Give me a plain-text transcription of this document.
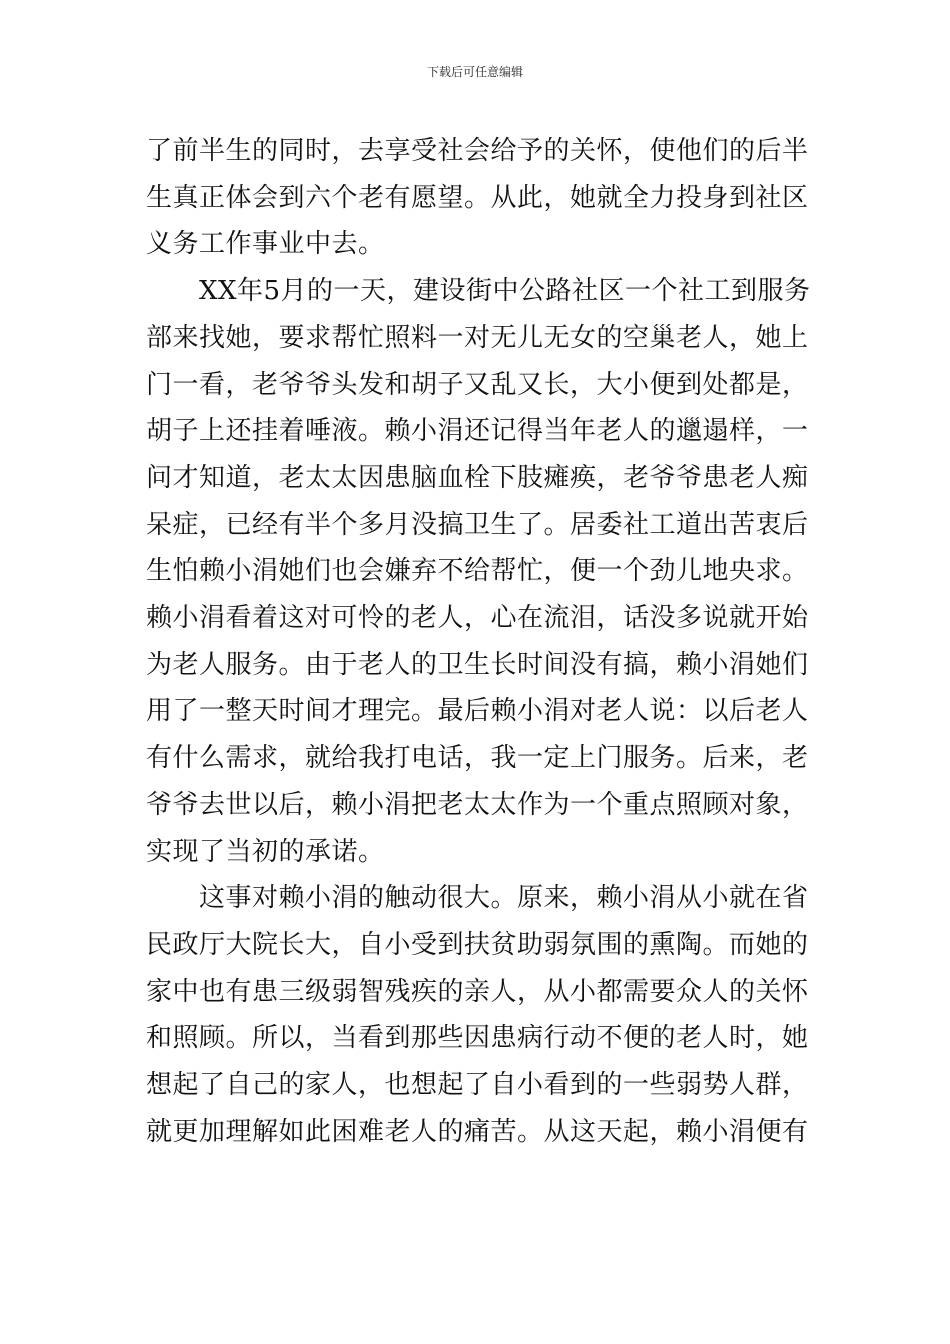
下载后可任意编辑

了前半生的同时，去享受社会给予的关怀，使他们的后半
生真正体会到六个老有愿望。从此，她就全力投身到社区
义务工作事业中去。

　　XX年5月的一天，建设街中公路社区一个社工到服务
部来找她，要求帮忙照料一对无儿无女的空巢老人，她上
门一看，老爷爷头发和胡子又乱又长，大小便到处都是，
胡子上还挂着唾液。赖小涓还记得当年老人的邋遢样，一
问才知道，老太太因患脑血栓下肢瘫痪，老爷爷患老人痴
呆症，已经有半个多月没搞卫生了。居委社工道出苦衷后
生怕赖小涓她们也会嫌弃不给帮忙，便一个劲儿地央求。
赖小涓看着这对可怜的老人，心在流泪，话没多说就开始
为老人服务。由于老人的卫生长时间没有搞，赖小涓她们
用了一整天时间才理完。最后赖小涓对老人说：以后老人
有什么需求，就给我打电话，我一定上门服务。后来，老
爷爷去世以后，赖小涓把老太太作为一个重点照顾对象，
实现了当初的承诺。

　　这事对赖小涓的触动很大。原来，赖小涓从小就在省
民政厅大院长大，自小受到扶贫助弱氛围的熏陶。而她的
家中也有患三级弱智残疾的亲人，从小都需要众人的关怀
和照顾。所以，当看到那些因患病行动不便的老人时，她
想起了自己的家人，也想起了自小看到的一些弱势人群，
就更加理解如此困难老人的痛苦。从这天起，赖小涓便有
